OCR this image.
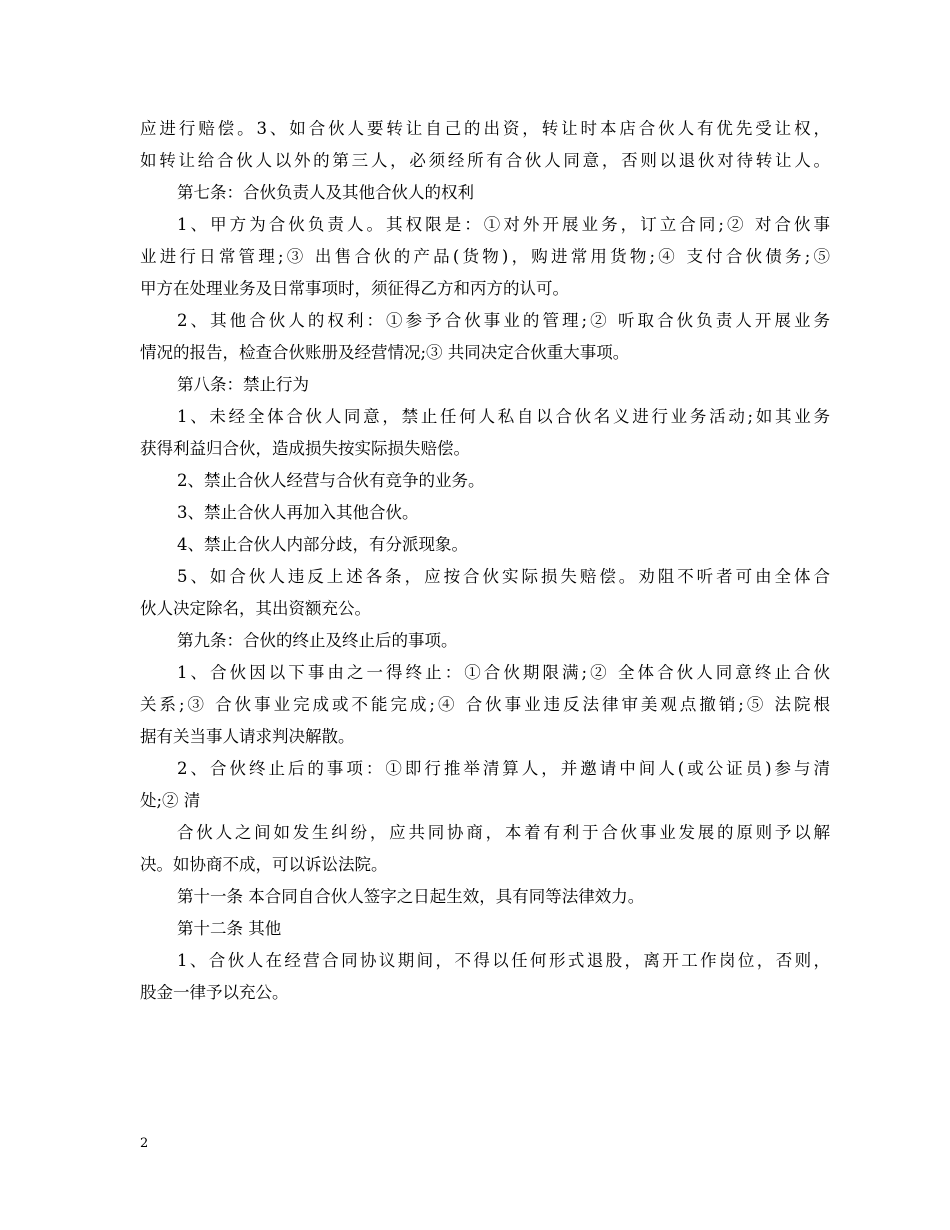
应进行赔偿。3、如合伙人要转让自己的出资，转让时本店合伙人有优先受让权，
如转让给合伙人以外的第三人，必须经所有合伙人同意，否则以退伙对待转让人。
第七条：合伙负责人及其他合伙人的权利
1、甲方为合伙负责人。其权限是：①对外开展业务，订立合同;② 对合伙事
业进行日常管理;③ 出售合伙的产品(货物)，购进常用货物;④ 支付合伙债务;⑤
甲方在处理业务及日常事项时，须征得乙方和丙方的认可。
2、其他合伙人的权利：①参予合伙事业的管理;② 听取合伙负责人开展业务
情况的报告，检查合伙账册及经营情况;③ 共同决定合伙重大事项。
第八条：禁止行为
1、未经全体合伙人同意，禁止任何人私自以合伙名义进行业务活动;如其业务
获得利益归合伙，造成损失按实际损失赔偿。
2、禁止合伙人经营与合伙有竞争的业务。
3、禁止合伙人再加入其他合伙。
4、禁止合伙人内部分歧，有分派现象。
5、如合伙人违反上述各条，应按合伙实际损失赔偿。劝阻不听者可由全体合
伙人决定除名，其出资额充公。
第九条：合伙的终止及终止后的事项。
1、合伙因以下事由之一得终止：①合伙期限满;② 全体合伙人同意终止合伙
关系;③ 合伙事业完成或不能完成;④ 合伙事业违反法律审美观点撤销;⑤ 法院根
据有关当事人请求判决解散。
2、合伙终止后的事项：①即行推举清算人，并邀请中间人(或公证员)参与清
处;② 清
合伙人之间如发生纠纷，应共同协商，本着有利于合伙事业发展的原则予以解
决。如协商不成，可以诉讼法院。
第十一条 本合同自合伙人签字之日起生效，具有同等法律效力。
第十二条 其他
1、合伙人在经营合同协议期间，不得以任何形式退股，离开工作岗位，否则，
股金一律予以充公。
2
